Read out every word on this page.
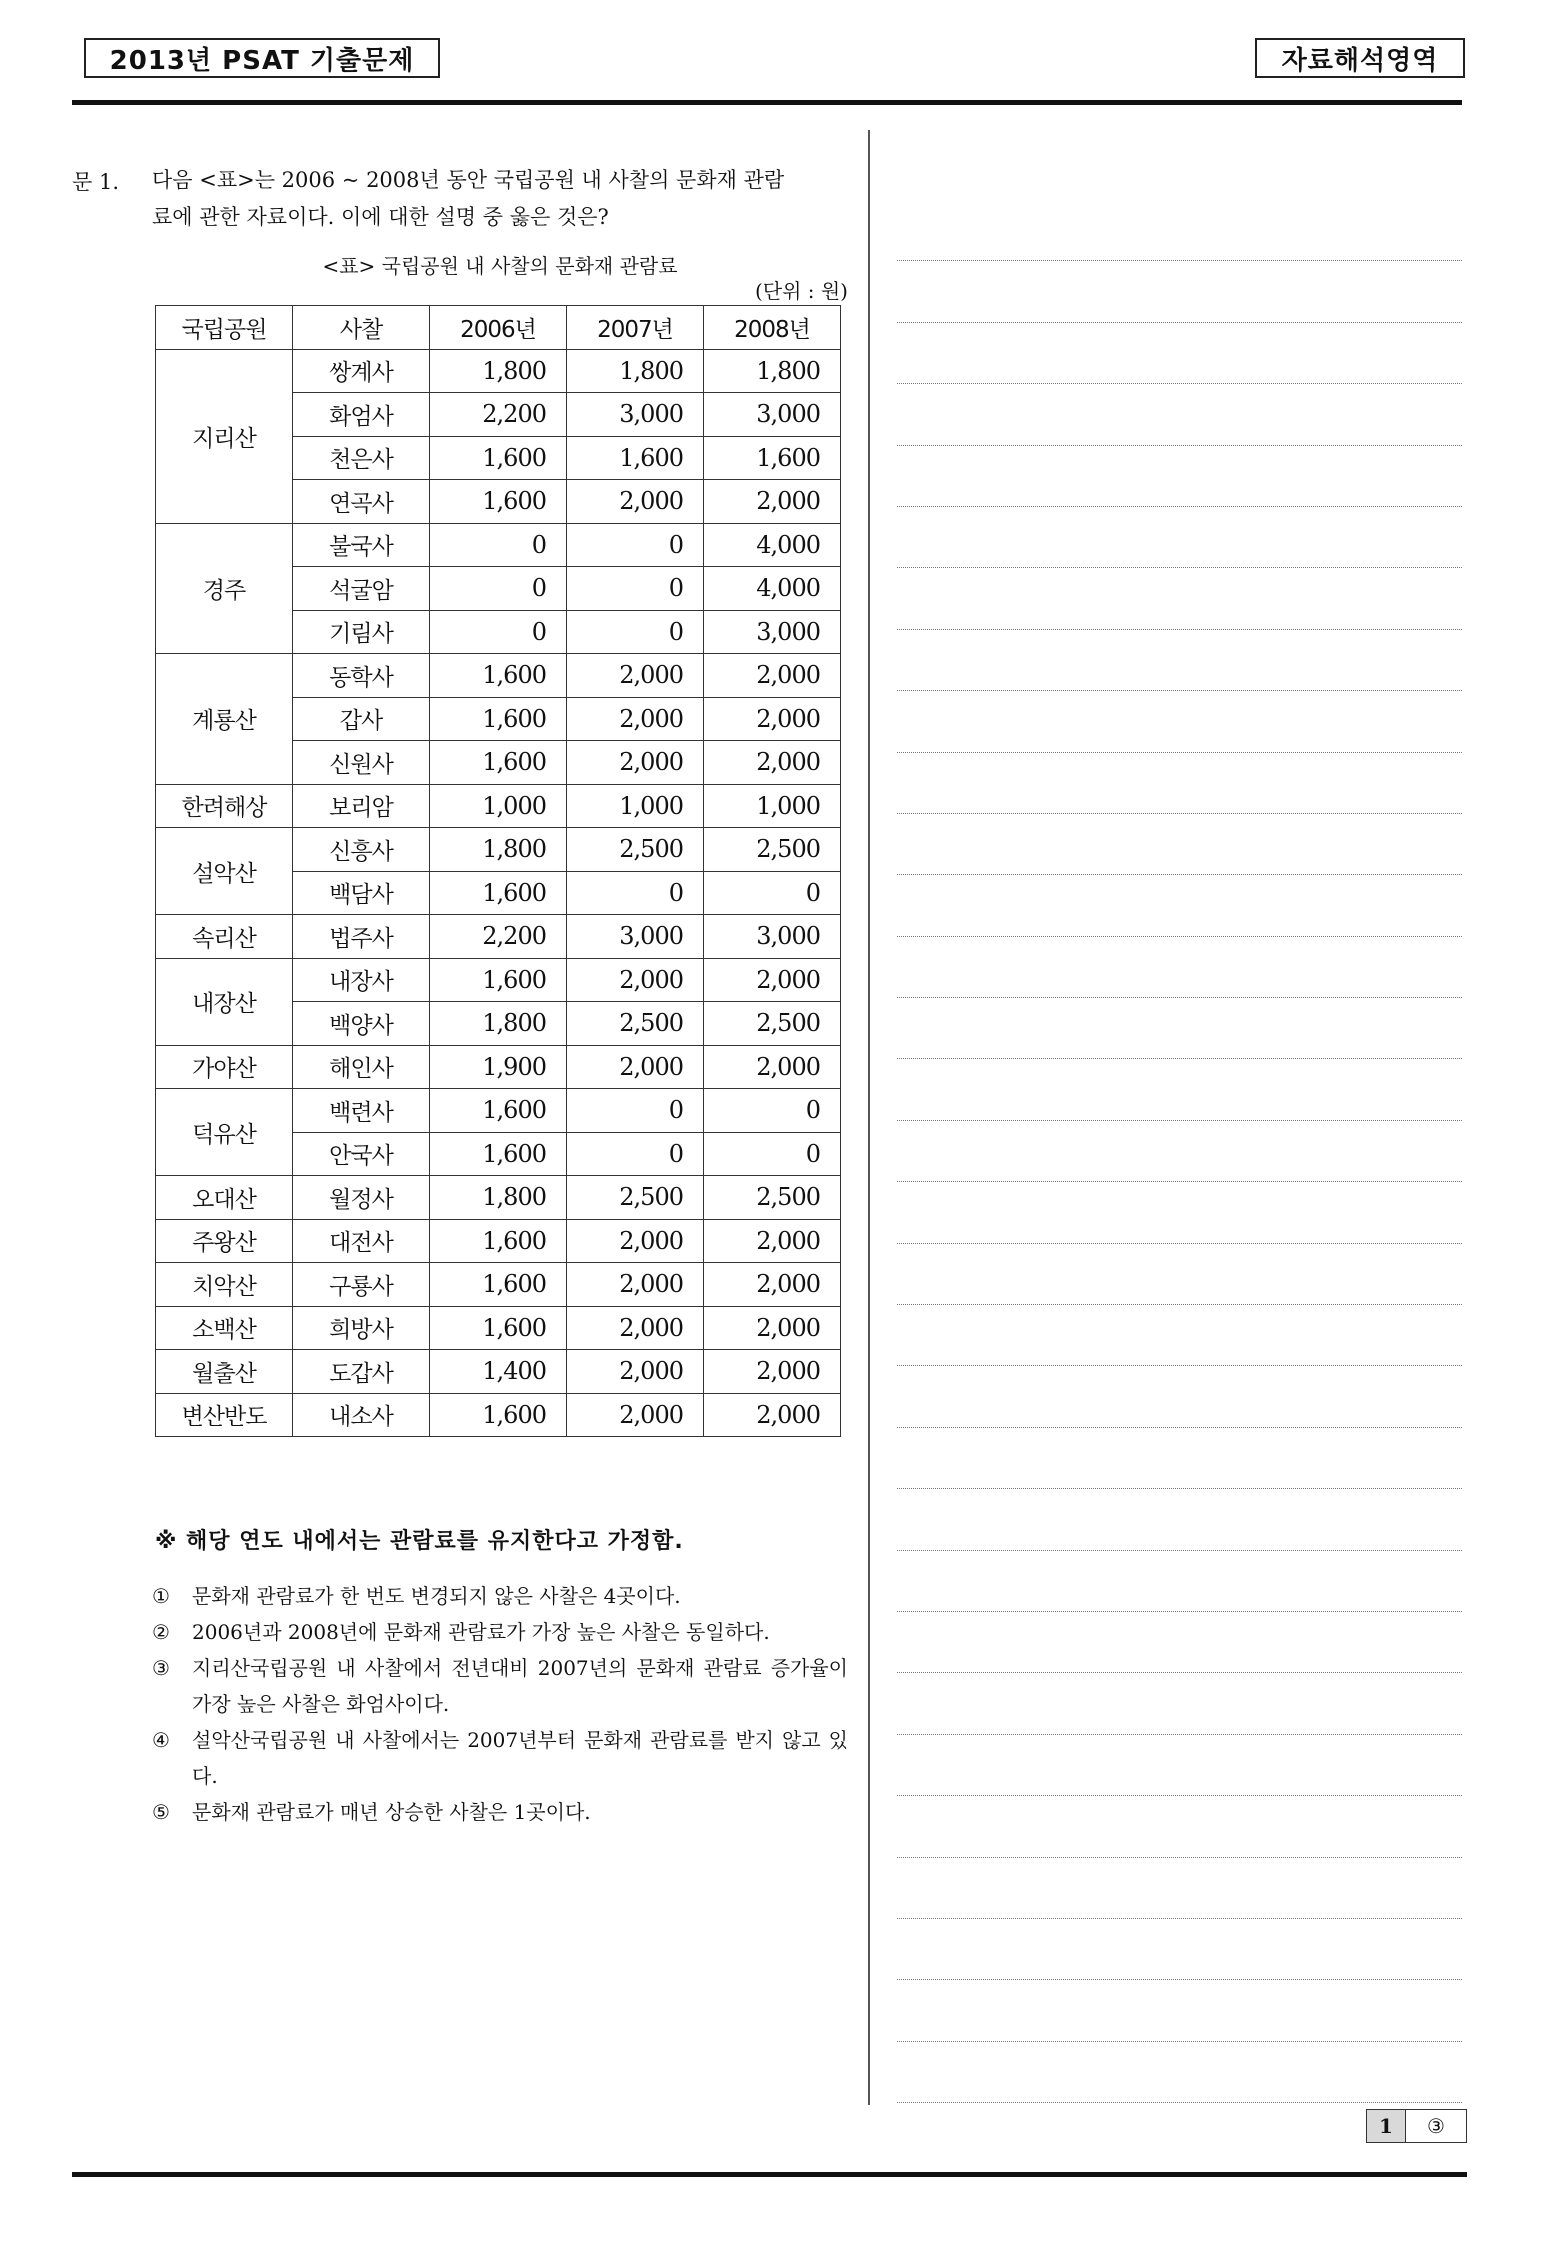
2013년 PSAT 기출문제	자료해석영역
문 1. 다음 <표>는 2006 ~ 2008년 동안 국립공원 내 사찰의 문화재 관람
료에 관한 자료이다. 이에 대한 설명 중 옳은 것은?
<표> 국립공원 내 사찰의 문화재 관람료
(단위 : 원)
국립공원	사찰	2006년	2007년	2008년
지리산	쌍계사	1,800	1,800	1,800
	화엄사	2,200	3,000	3,000
	천은사	1,600	1,600	1,600
	연곡사	1,600	2,000	2,000
경주	불국사	0	0	4,000
	석굴암	0	0	4,000
	기림사	0	0	3,000
계룡산	동학사	1,600	2,000	2,000
	갑사	1,600	2,000	2,000
	신원사	1,600	2,000	2,000
한려해상	보리암	1,000	1,000	1,000
설악산	신흥사	1,800	2,500	2,500
	백담사	1,600	0	0
속리산	법주사	2,200	3,000	3,000
내장산	내장사	1,600	2,000	2,000
	백양사	1,800	2,500	2,500
가야산	해인사	1,900	2,000	2,000
덕유산	백련사	1,600	0	0
	안국사	1,600	0	0
오대산	월정사	1,800	2,500	2,500
주왕산	대전사	1,600	2,000	2,000
치악산	구룡사	1,600	2,000	2,000
소백산	희방사	1,600	2,000	2,000
월출산	도갑사	1,400	2,000	2,000
변산반도	내소사	1,600	2,000	2,000
※ 해당 연도 내에서는 관람료를 유지한다고 가정함.
①	문화재 관람료가 한 번도 변경되지 않은 사찰은 4곳이다.
②	2006년과 2008년에 문화재 관람료가 가장 높은 사찰은 동일하다.
③	지리산국립공원 내 사찰에서 전년대비 2007년의 문화재 관람료 증가율이 가장 높은 사찰은 화엄사이다.
④	설악산국립공원 내 사찰에서는 2007년부터 문화재 관람료를 받지 않고 있다.
⑤	문화재 관람료가 매년 상승한 사찰은 1곳이다.
1	③
